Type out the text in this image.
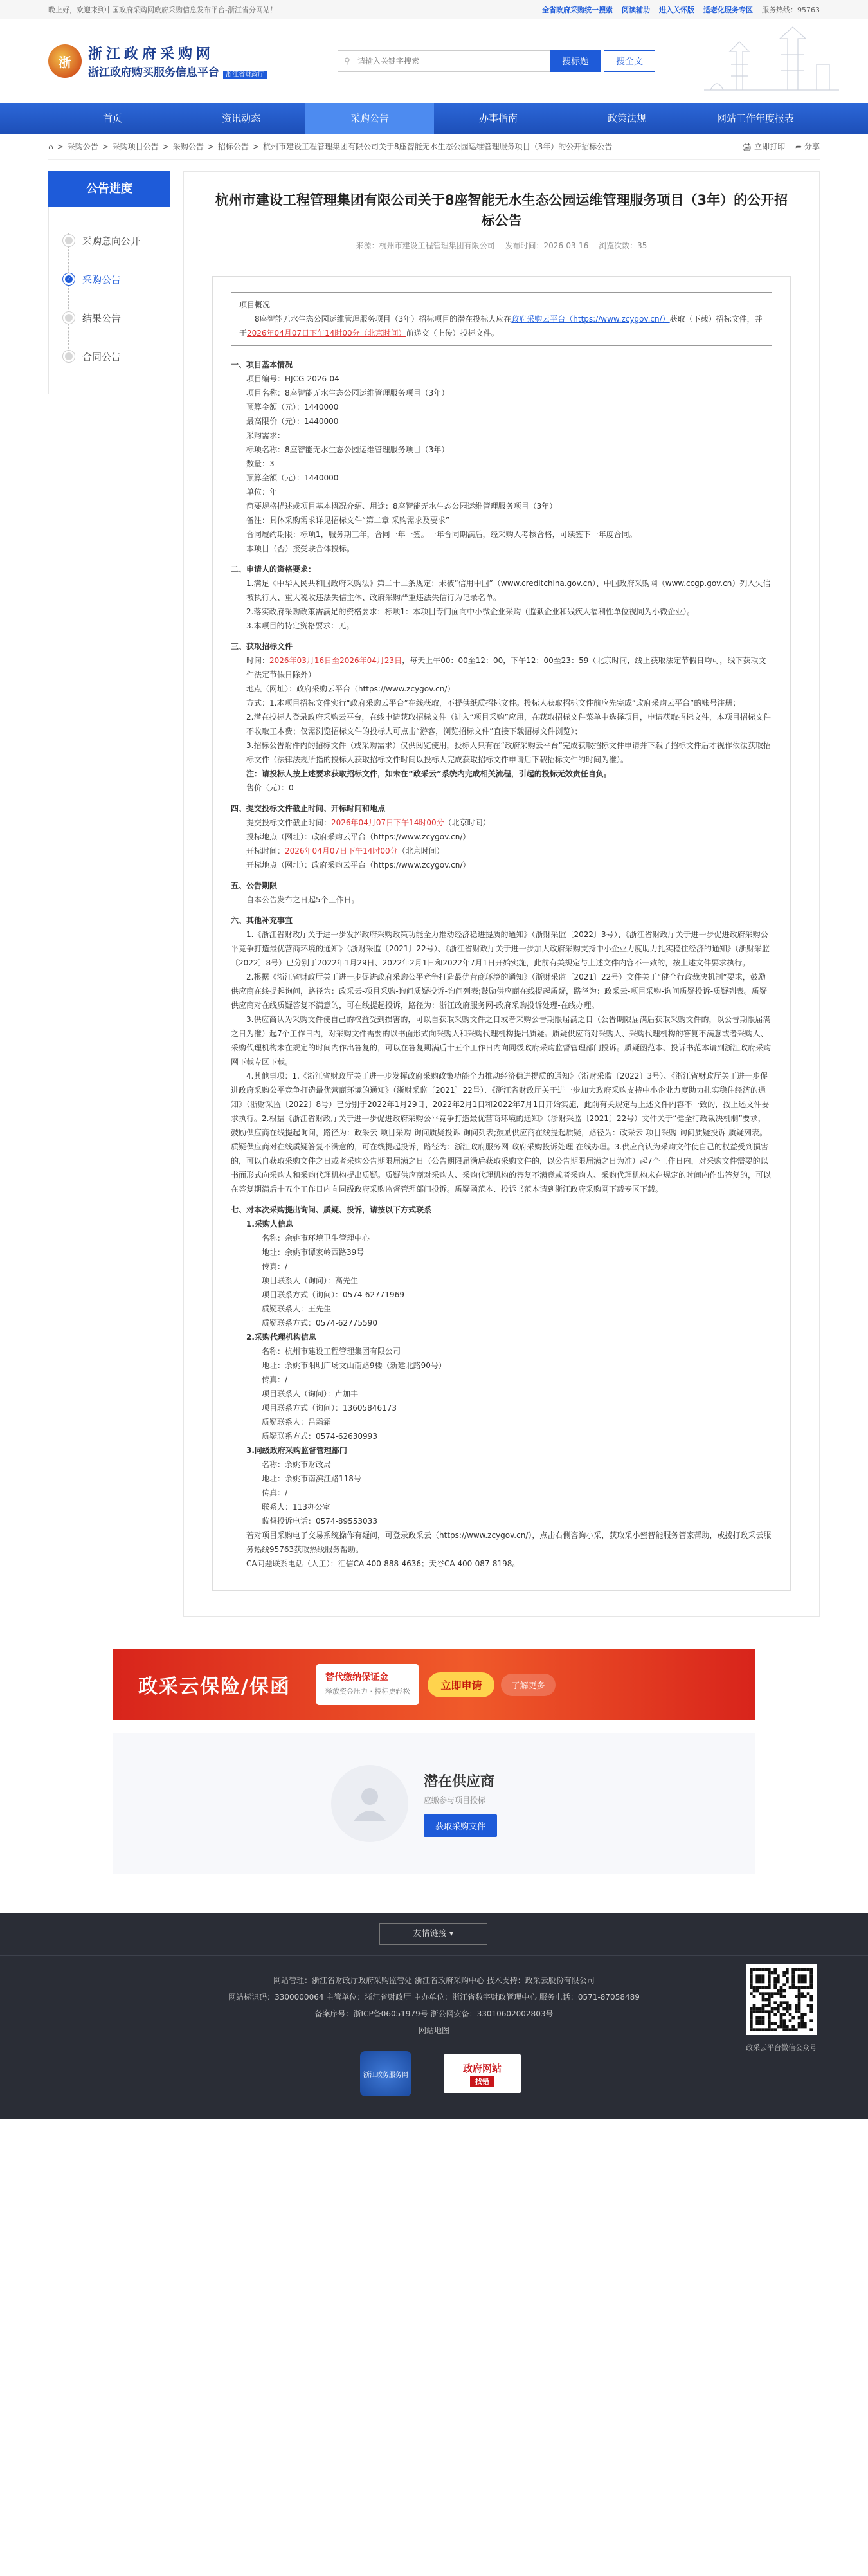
晚上好，欢迎来到中国政府采购网政府采购信息发布平台-浙江省分网站！	全省政府采购统一搜索 阅读辅助 进入关怀版 适老化服务专区 服务热线：95763
浙	浙江政府采购网
浙江政府购买服务信息平台 浙江省财政厅
⚲
请输入关键字搜索	搜标题	搜全文
首页	资讯动态	采购公告	办事指南	政策法规	网站工作年度报表
⌂ > 采购公告 > 采购项目公告 > 采购公告 > 招标公告 > 杭州市建设工程管理集团有限公司关于8座智能无水生态公园运维管理服务项目（3年）的公开招标公告	🖨 立即打印 ➦ 分享
公告进度
采购意向公开
✓	采购公告
结果公告
合同公告
杭州市建设工程管理集团有限公司关于8座智能无水生态公园运维管理服务项目（3年）的公开招标公告
来源：杭州市建设工程管理集团有限公司 发布时间：2026-03-16 浏览次数：35
项目概况
8座智能无水生态公园运维管理服务项目（3年）招标项目的潜在投标人应在政府采购云平台（https://www.zcygov.cn/）获取（下载）招标文件，并于2026年04月07日下午14时00分（北京时间）前递交（上传）投标文件。
一、项目基本情况
项目编号：HJCG-2026-04
项目名称：8座智能无水生态公园运维管理服务项目（3年）
预算金额（元）：1440000
最高限价（元）：1440000
采购需求：
标项名称：8座智能无水生态公园运维管理服务项目（3年）
数量：3
预算金额（元）：1440000
单位：年
简要规格描述或项目基本概况介绍、用途：8座智能无水生态公园运维管理服务项目（3年）
备注：具体采购需求详见招标文件“第二章 采购需求及要求”
合同履约期限：标项1，服务期三年，合同一年一签。一年合同期满后，经采购人考核合格，可续签下一年度合同。
本项目（否）接受联合体投标。
二、申请人的资格要求：
1.满足《中华人民共和国政府采购法》第二十二条规定；未被“信用中国”（www.creditchina.gov.cn）、中国政府采购网（www.ccgp.gov.cn）列入失信被执行人、重大税收违法失信主体、政府采购严重违法失信行为记录名单。
2.落实政府采购政策需满足的资格要求：标项1：本项目专门面向中小微企业采购（监狱企业和残疾人福利性单位视同为小微企业）。
3.本项目的特定资格要求：无。
三、获取招标文件
时间：2026年03月16日至2026年04月23日，每天上午00：00至12：00，下午12：00至23：59（北京时间，线上获取法定节假日均可，线下获取文件法定节假日除外）
地点（网址）：政府采购云平台（https://www.zcygov.cn/）
方式：1.本项目招标文件实行“政府采购云平台”在线获取，不提供纸质招标文件。投标人获取招标文件前应先完成“政府采购云平台”的账号注册；
2.潜在投标人登录政府采购云平台，在线申请获取招标文件（进入“项目采购”应用，在获取招标文件菜单中选择项目，申请获取招标文件，本项目招标文件不收取工本费；仅需浏览招标文件的投标人可点击“游客，浏览招标文件”直接下载招标文件浏览）；
3.招标公告附件内的招标文件（或采购需求）仅供阅览使用，投标人只有在“政府采购云平台”完成获取招标文件申请并下载了招标文件后才视作依法获取招标文件（法律法规所指的投标人获取招标文件时间以投标人完成获取招标文件申请后下载招标文件的时间为准）。
注：请投标人按上述要求获取招标文件，如未在“政采云”系统内完成相关流程，引起的投标无效责任自负。
售价（元）：0
四、提交投标文件截止时间、开标时间和地点
提交投标文件截止时间：2026年04月07日下午14时00分（北京时间）
投标地点（网址）：政府采购云平台（https://www.zcygov.cn/）
开标时间：2026年04月07日下午14时00分（北京时间）
开标地点（网址）：政府采购云平台（https://www.zcygov.cn/）
五、公告期限
自本公告发布之日起5个工作日。
六、其他补充事宜
1.《浙江省财政厅关于进一步发挥政府采购政策功能全力推动经济稳进提质的通知》（浙财采监〔2022〕3号）、《浙江省财政厅关于进一步促进政府采购公平竞争打造最优营商环境的通知》（浙财采监〔2021〕22号）、《浙江省财政厅关于进一步加大政府采购支持中小企业力度助力扎实稳住经济的通知》（浙财采监〔2022〕8号）已分别于2022年1月29日、2022年2月1日和2022年7月1日开始实施，此前有关规定与上述文件内容不一致的，按上述文件要求执行。
2.根据《浙江省财政厅关于进一步促进政府采购公平竞争打造最优营商环境的通知》（浙财采监〔2021〕22号）文件关于“健全行政裁决机制”要求，鼓励供应商在线提起询问，路径为：政采云-项目采购-询问质疑投诉-询问列表;鼓励供应商在线提起质疑，路径为：政采云-项目采购-询问质疑投诉-质疑列表。质疑供应商对在线质疑答复不满意的，可在线提起投诉，路径为：浙江政府服务网-政府采购投诉处理-在线办理。
3.供应商认为采购文件使自己的权益受到损害的，可以自获取采购文件之日或者采购公告期限届满之日（公告期限届满后获取采购文件的，以公告期限届满之日为准）起7个工作日内，对采购文件需要的以书面形式向采购人和采购代理机构提出质疑。质疑供应商对采购人、采购代理机构的答复不满意或者采购人、采购代理机构未在规定的时间内作出答复的，可以在答复期满后十五个工作日内向同级政府采购监督管理部门投诉。质疑函范本、投诉书范本请到浙江政府采购网下载专区下载。
4.其他事项：1.《浙江省财政厅关于进一步发挥政府采购政策功能全力推动经济稳进提质的通知》（浙财采监〔2022〕3号）、《浙江省财政厅关于进一步促进政府采购公平竞争打造最优营商环境的通知》（浙财采监〔2021〕22号）、《浙江省财政厅关于进一步加大政府采购支持中小企业力度助力扎实稳住经济的通知》（浙财采监〔2022〕8号）已分别于2022年1月29日、2022年2月1日和2022年7月1日开始实施，此前有关规定与上述文件内容不一致的，按上述文件要求执行。2.根据《浙江省财政厅关于进一步促进政府采购公平竞争打造最优营商环境的通知》（浙财采监〔2021〕22号）文件关于“健全行政裁决机制”要求，鼓励供应商在线提起询问，路径为：政采云-项目采购-询问质疑投诉-询问列表;鼓励供应商在线提起质疑，路径为：政采云-项目采购-询问质疑投诉-质疑列表。质疑供应商对在线质疑答复不满意的，可在线提起投诉，路径为：浙江政府服务网-政府采购投诉处理-在线办理。3.供应商认为采购文件使自己的权益受到损害的，可以自获取采购文件之日或者采购公告期限届满之日（公告期限届满后获取采购文件的，以公告期限届满之日为准）起7个工作日内，对采购文件需要的以书面形式向采购人和采购代理机构提出质疑。质疑供应商对采购人、采购代理机构的答复不满意或者采购人、采购代理机构未在规定的时间内作出答复的，可以在答复期满后十五个工作日内向同级政府采购监督管理部门投诉。质疑函范本、投诉书范本请到浙江政府采购网下载专区下载。
七、对本次采购提出询问、质疑、投诉，请按以下方式联系
1.采购人信息
名称：余姚市环境卫生管理中心
地址：余姚市谭家岭西路39号
传真：/
项目联系人（询问）：高先生
项目联系方式（询问）：0574-62771969
质疑联系人：王先生
质疑联系方式：0574-62775590
2.采购代理机构信息
名称：杭州市建设工程管理集团有限公司
地址：余姚市阳明广场文山南路9楼（新建北路90号）
传真：/
项目联系人（询问）：卢加丰
项目联系方式（询问）：13605846173
质疑联系人：吕霜霜
质疑联系方式：0574-62630993
3.同级政府采购监督管理部门
名称：余姚市财政局
地址：余姚市南滨江路118号
传真：/
联系人：113办公室
监督投诉电话：0574-89553033
若对项目采购电子交易系统操作有疑问，可登录政采云（https://www.zcygov.cn/），点击右侧咨询小采，获取采小蜜智能服务管家帮助，或拨打政采云服务热线95763获取热线服务帮助。
CA问题联系电话（人工）：汇信CA 400-888-4636；天谷CA 400-087-8198。
政采云保险/保函	替代缴纳保证金
释放资金压力 · 投标更轻松	立即申请	了解更多
潜在供应商

应缴参与项目投标

获取采购文件
友情链接 ▾
网站管理：浙江省财政厅政府采购监管处 浙江省政府采购中心 技术支持：政采云股份有限公司
网站标识码：3300000064 主管单位：浙江省财政厅 主办单位：浙江省数字财政管理中心 服务电话：0571-87058489
备案序号：浙ICP备06051979号 浙公网安备：33010602002803号
网站地图
浙江政务服务网
政府网站
找错

政采云平台微信公众号
